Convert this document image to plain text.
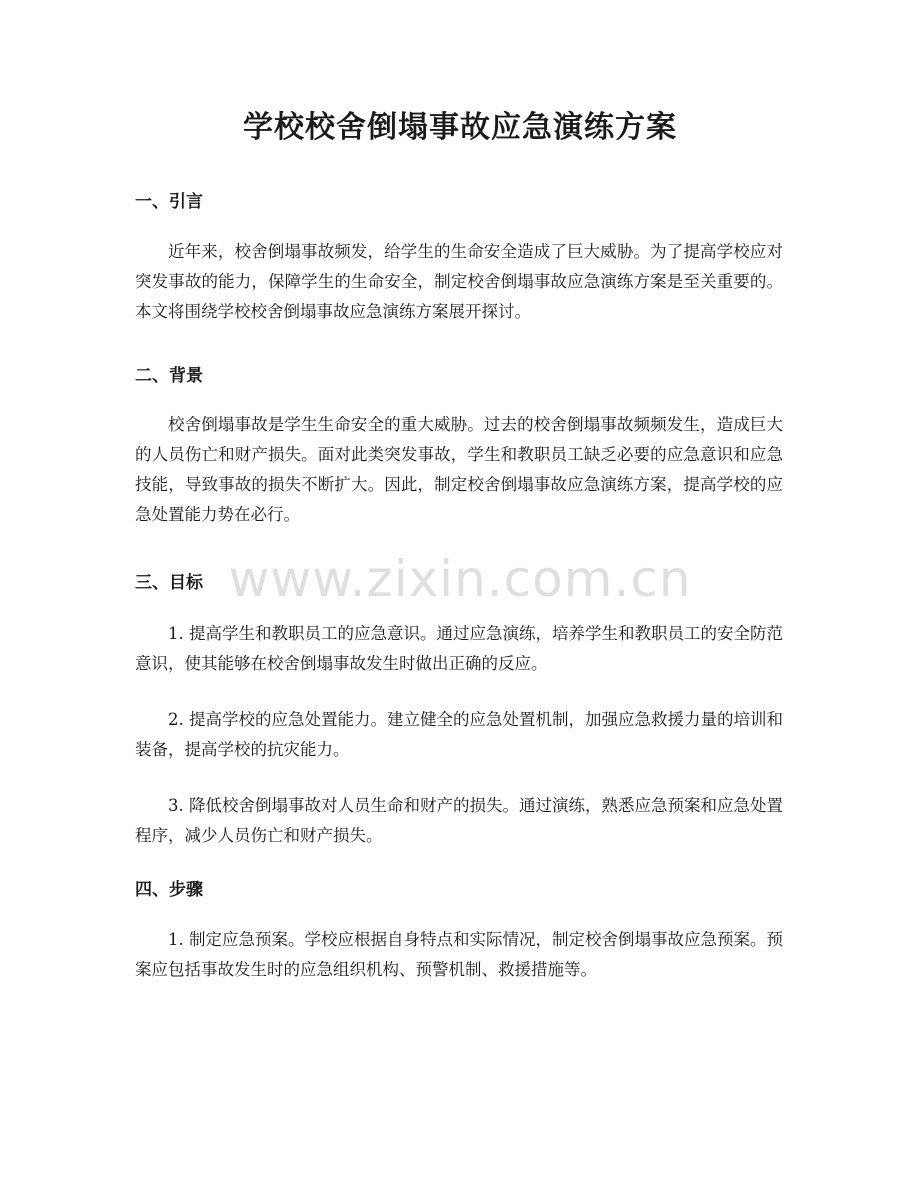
学校校舍倒塌事故应急演练方案
一、引言

近年来，校舍倒塌事故频发，给学生的生命安全造成了巨大威胁。为了提高学校应对突发事故的能力，保障学生的生命安全，制定校舍倒塌事故应急演练方案是至关重要的。本文将围绕学校校舍倒塌事故应急演练方案展开探讨。

二、背景

校舍倒塌事故是学生生命安全的重大威胁。过去的校舍倒塌事故频频发生，造成巨大的人员伤亡和财产损失。面对此类突发事故，学生和教职员工缺乏必要的应急意识和应急技能，导致事故的损失不断扩大。因此，制定校舍倒塌事故应急演练方案，提高学校的应急处置能力势在必行。

三、目标

1. 提高学生和教职员工的应急意识。通过应急演练，培养学生和教职员工的安全防范意识，使其能够在校舍倒塌事故发生时做出正确的反应。

2. 提高学校的应急处置能力。建立健全的应急处置机制，加强应急救援力量的培训和装备，提高学校的抗灾能力。

3. 降低校舍倒塌事故对人员生命和财产的损失。通过演练，熟悉应急预案和应急处置程序，减少人员伤亡和财产损失。

四、步骤

1. 制定应急预案。学校应根据自身特点和实际情况，制定校舍倒塌事故应急预案。预案应包括事故发生时的应急组织机构、预警机制、救援措施等。

www.zixin.com.cn
